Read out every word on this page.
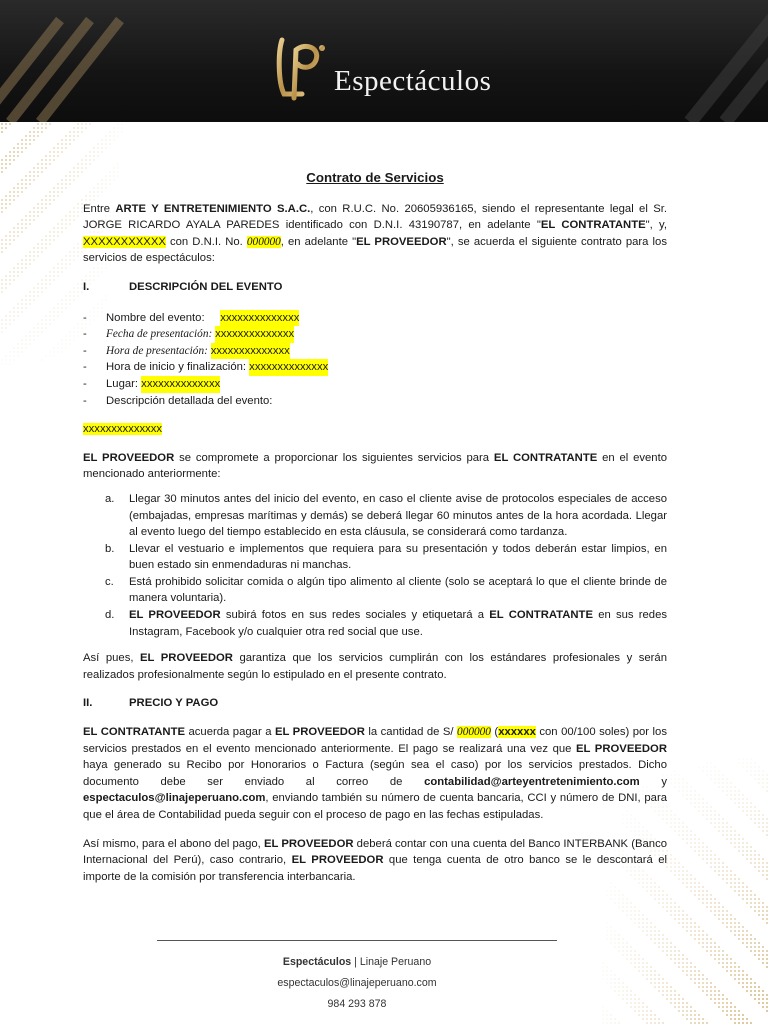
Espectáculos
Contrato de Servicios

Entre ARTE Y ENTRETENIMIENTO S.A.C., con R.U.C. No. 20605936165, siendo el representante legal el Sr. JORGE RICARDO AYALA PAREDES identificado con D.N.I. 43190787, en adelante "EL CONTRATANTE", y, XXXXXXXXXXX con D.N.I. No. 000000, en adelante "EL PROVEEDOR", se acuerda el siguiente contrato para los servicios de espectáculos:

I.	DESCRIPCIÓN DEL EVENTO
-	Nombre del evento: xxxxxxxxxxxxxx
-	Fecha de presentación: xxxxxxxxxxxxxx
-	Hora de presentación: xxxxxxxxxxxxxx
-	Hora de inicio y finalización: xxxxxxxxxxxxxx
-	Lugar: xxxxxxxxxxxxxx
-	Descripción detallada del evento:

xxxxxxxxxxxxxx

EL PROVEEDOR se compromete a proporcionar los siguientes servicios para EL CONTRATANTE en el evento mencionado anteriormente:

a.	Llegar 30 minutos antes del inicio del evento, en caso el cliente avise de protocolos especiales de acceso (embajadas, empresas marítimas y demás) se deberá llegar 60 minutos antes de la hora acordada. Llegar al evento luego del tiempo establecido en esta cláusula, se considerará como tardanza.
b.	Llevar el vestuario e implementos que requiera para su presentación y todos deberán estar limpios, en buen estado sin enmendaduras ni manchas.
c.	Está prohibido solicitar comida o algún tipo alimento al cliente (solo se aceptará lo que el cliente brinde de manera voluntaria).
d.	EL PROVEEDOR subirá fotos en sus redes sociales y etiquetará a EL CONTRATANTE en sus redes Instagram, Facebook y/o cualquier otra red social que use.

Así pues, EL PROVEEDOR garantiza que los servicios cumplirán con los estándares profesionales y serán realizados profesionalmente según lo estipulado en el presente contrato.

II.	PRECIO Y PAGO

EL CONTRATANTE acuerda pagar a EL PROVEEDOR la cantidad de S/ 000000 (xxxxxx con 00/100 soles) por los servicios prestados en el evento mencionado anteriormente. El pago se realizará una vez que EL PROVEEDOR haya generado su Recibo por Honorarios o Factura (según sea el caso) por los servicios prestados. Dicho documento debe ser enviado al correo de contabilidad@arteyentretenimiento.com y espectaculos@linajeperuano.com, enviando también su número de cuenta bancaria, CCI y número de DNI, para que el área de Contabilidad pueda seguir con el proceso de pago en las fechas estipuladas.

Así mismo, para el abono del pago, EL PROVEEDOR deberá contar con una cuenta del Banco INTERBANK (Banco Internacional del Perú), caso contrario, EL PROVEEDOR que tenga cuenta de otro banco se le descontará el importe de la comisión por transferencia interbancaria.

Espectáculos | Linaje Peruano
espectaculos@linajeperuano.com
984 293 878
